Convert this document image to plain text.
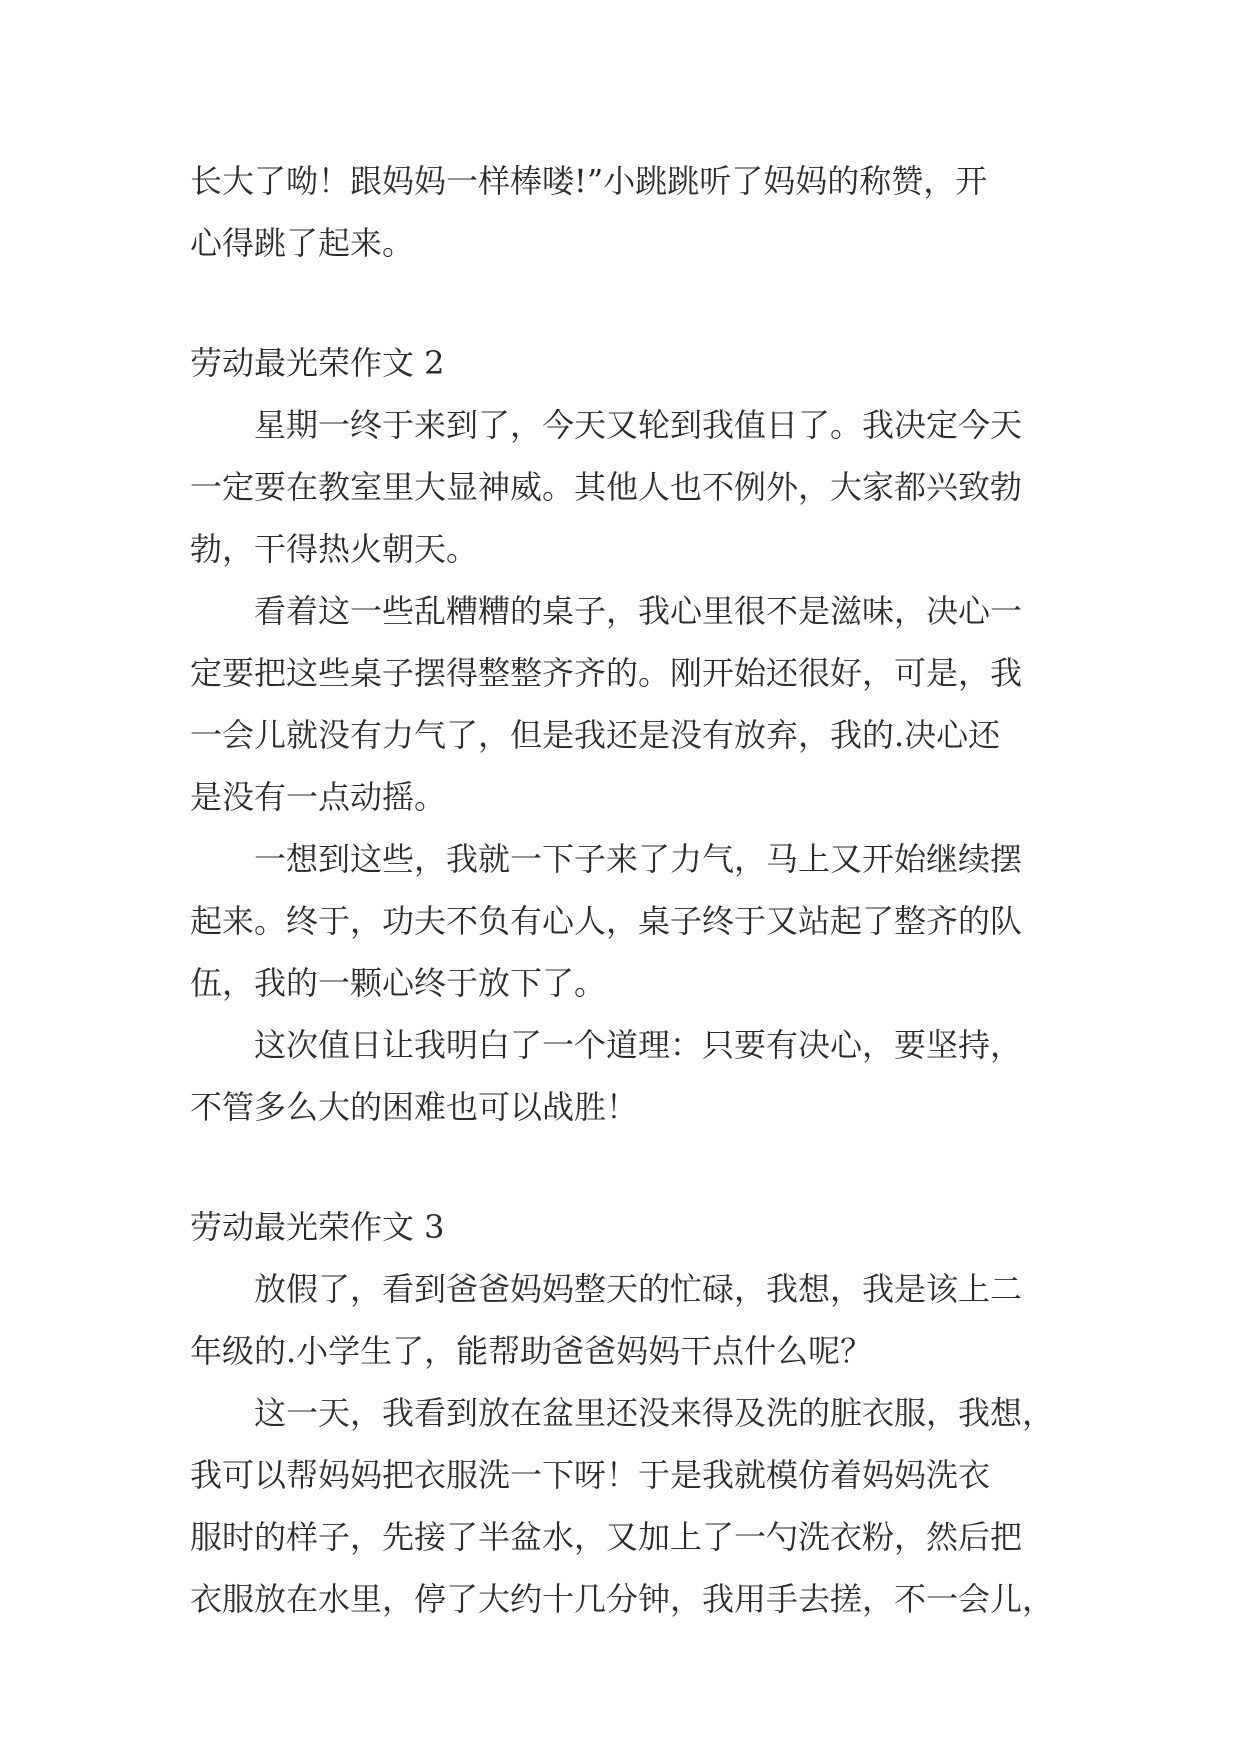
长大了呦！跟妈妈一样棒喽!”小跳跳听了妈妈的称赞，开
心得跳了起来。
劳动最光荣作文 2
星期一终于来到了，今天又轮到我值日了。我决定今天
一定要在教室里大显神威。其他人也不例外，大家都兴致勃
勃，干得热火朝天。
看着这一些乱糟糟的桌子，我心里很不是滋味，决心一
定要把这些桌子摆得整整齐齐的。刚开始还很好，可是，我
一会儿就没有力气了，但是我还是没有放弃，我的.决心还
是没有一点动摇。
一想到这些，我就一下子来了力气，马上又开始继续摆
起来。终于，功夫不负有心人，桌子终于又站起了整齐的队
伍，我的一颗心终于放下了。
这次值日让我明白了一个道理：只要有决心，要坚持，
不管多么大的困难也可以战胜！
劳动最光荣作文 3
放假了，看到爸爸妈妈整天的忙碌，我想，我是该上二
年级的.小学生了，能帮助爸爸妈妈干点什么呢？
这一天，我看到放在盆里还没来得及洗的脏衣服，我想，
我可以帮妈妈把衣服洗一下呀！于是我就模仿着妈妈洗衣
服时的样子，先接了半盆水，又加上了一勺洗衣粉，然后把
衣服放在水里，停了大约十几分钟，我用手去搓，不一会儿，
